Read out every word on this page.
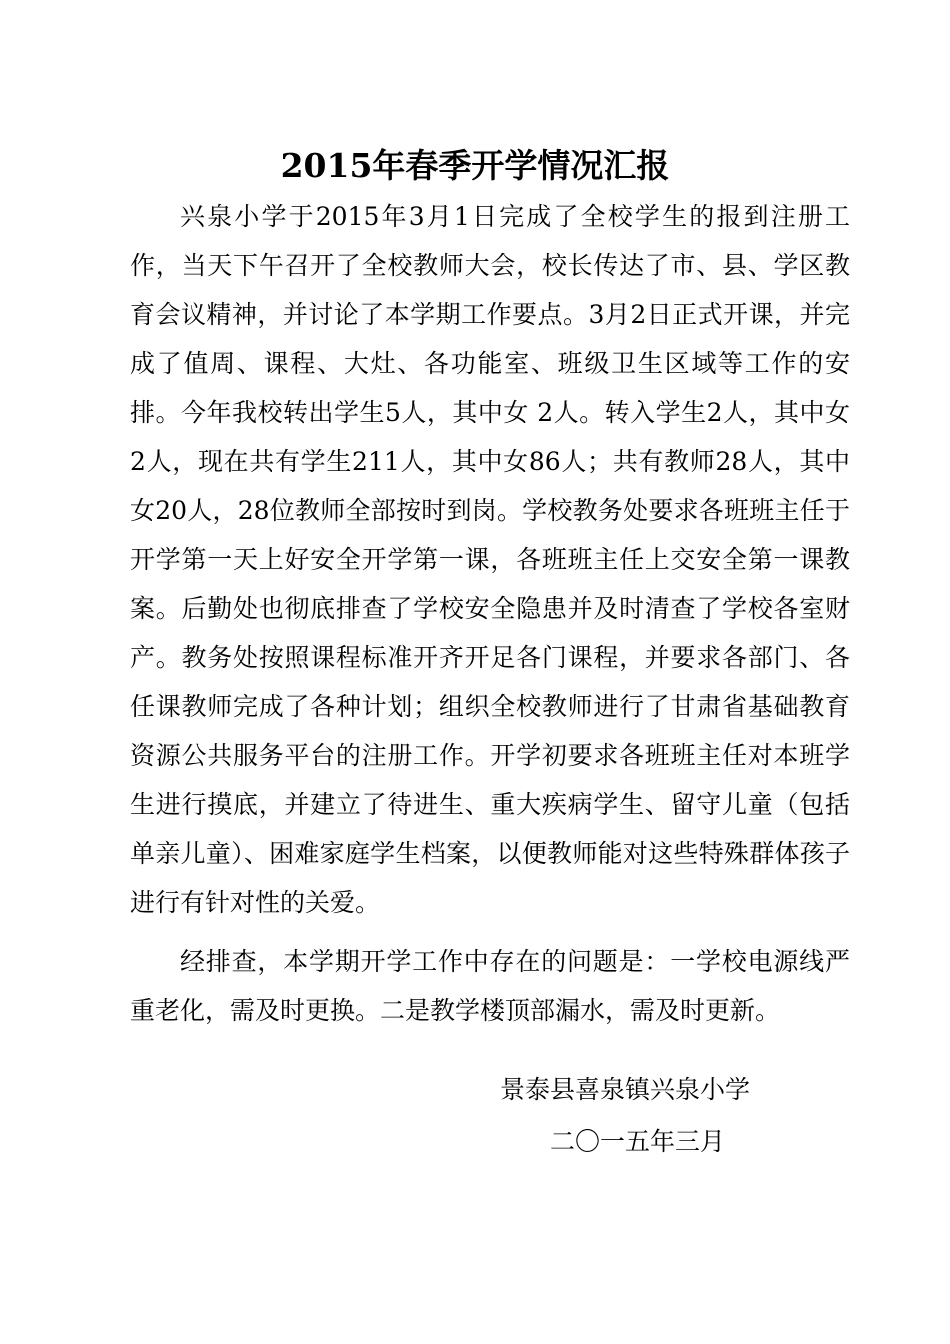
2015年春季开学情况汇报

兴泉小学于2015年3月1日完成了全校学生的报到注册工作，当天下午召开了全校教师大会，校长传达了市、县、学区教育会议精神，并讨论了本学期工作要点。3月2日正式开课，并完成了值周、课程、大灶、各功能室、班级卫生区域等工作的安排。今年我校转出学生5人，其中女 2人。转入学生2人，其中女2人，现在共有学生211人，其中女86人；共有教师28人，其中女20人，28位教师全部按时到岗。学校教务处要求各班班主任于开学第一天上好安全开学第一课，各班班主任上交安全第一课教案。后勤处也彻底排查了学校安全隐患并及时清查了学校各室财产。教务处按照课程标准开齐开足各门课程，并要求各部门、各任课教师完成了各种计划；组织全校教师进行了甘肃省基础教育资源公共服务平台的注册工作。开学初要求各班班主任对本班学生进行摸底，并建立了待进生、重大疾病学生、留守儿童（包括单亲儿童）、困难家庭学生档案，以便教师能对这些特殊群体孩子进行有针对性的关爱。

经排查，本学期开学工作中存在的问题是：一学校电源线严重老化，需及时更换。二是教学楼顶部漏水，需及时更新。

景泰县喜泉镇兴泉小学
二〇一五年三月
